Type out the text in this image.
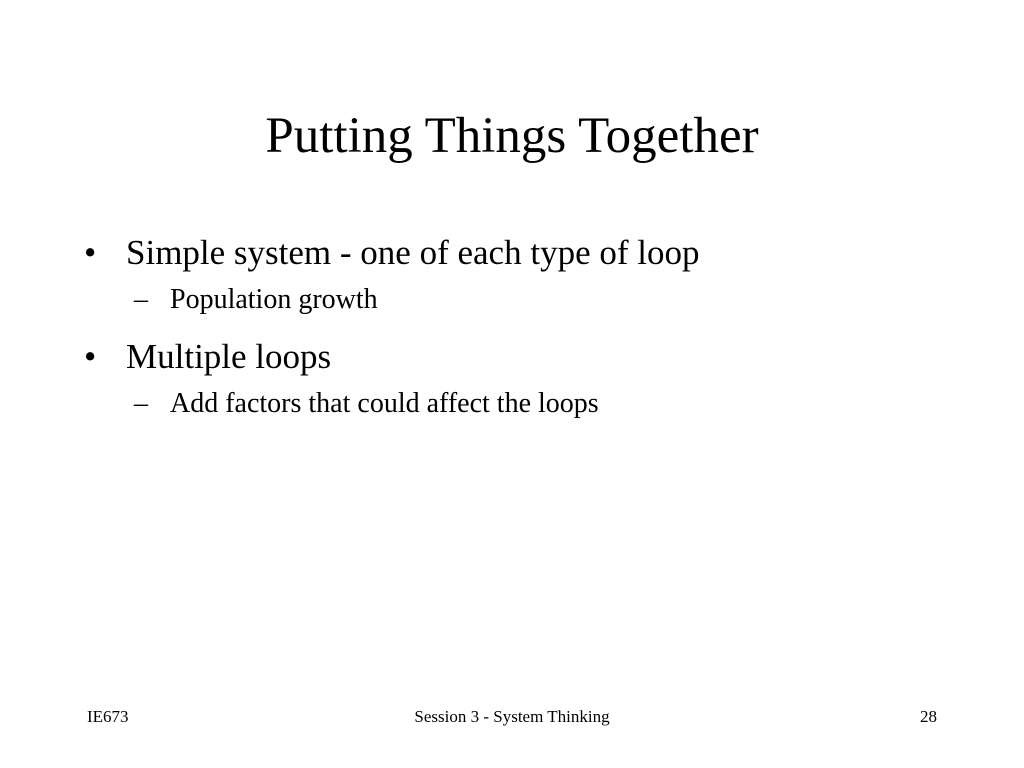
Putting Things Together
• Simple system - one of each type of loop
– Population growth
• Multiple loops
– Add factors that could affect the loops
IE673	Session 3 - System Thinking	28
